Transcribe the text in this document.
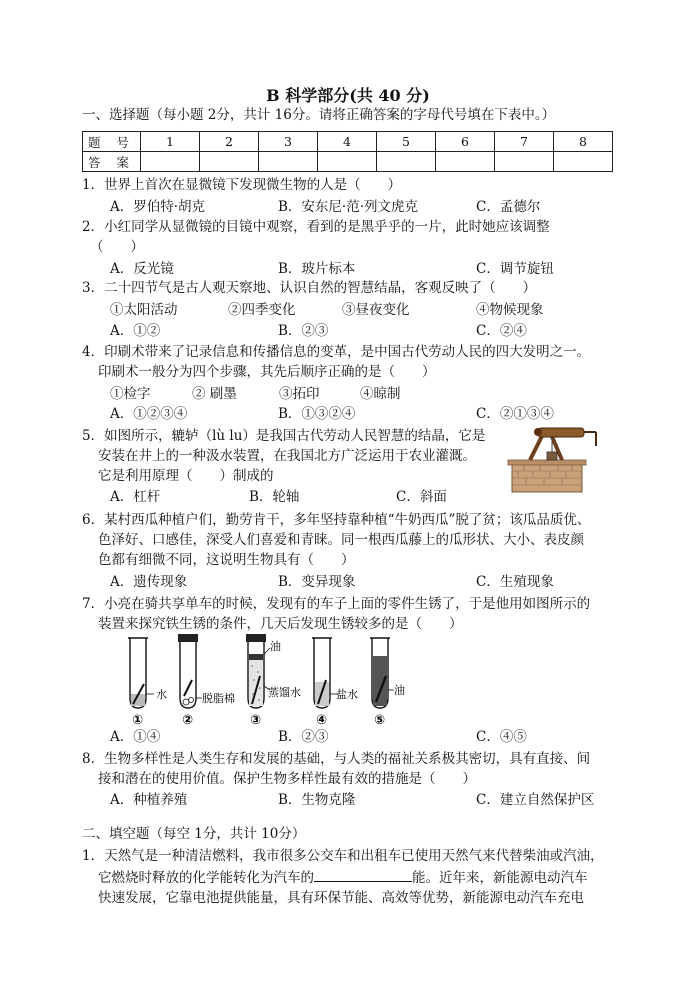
B 科学部分(共 40 分)
一、选择题（每小题 2分，共计 16分。请将正确答案的字母代号填在下表中。）
题 号	1	2	3	4	5	6	7	8
答 案								
1．世界上首次在显微镜下发现微生物的人是（　　）
A．罗伯特·胡克	B．安东尼·范·列文虎克	C．孟德尔
2．小红同学从显微镜的目镜中观察，看到的是黑乎乎的一片，此时她应该调整
（　　）
A．反光镜	B．玻片标本	C．调节旋钮
3．二十四节气是古人观天察地、认识自然的智慧结晶，客观反映了（　　）
①太阳活动	②四季变化	③昼夜变化	④物候现象
A．①②	B．②③	C．②④
4．印刷术带来了记录信息和传播信息的变革，是中国古代劳动人民的四大发明之一。
印刷术一般分为四个步骤，其先后顺序正确的是（　　）
①检字	② 刷墨	③拓印	④晾制
A．①②③④	B．①③②④	C．②①③④
5．如图所示，辘轳（lù lu）是我国古代劳动人民智慧的结晶，它是
安装在井上的一种汲水装置，在我国北方广泛运用于农业灌溉。
它是利用原理（　　）制成的
A．杠杆	B．轮轴	C．斜面
6．某村西瓜种植户们，勤劳肯干，多年坚持靠种植“牛奶西瓜”脱了贫；该瓜品质优、
色泽好、口感佳，深受人们喜爱和青睐。同一根西瓜藤上的瓜形状、大小、表皮颜
色都有细微不同，这说明生物具有（　　）
A．遗传现象	B．变异现象	C．生殖现象
7．小亮在骑共享单车的时候，发现有的车子上面的零件生锈了，于是他用如图所示的
装置来探究铁生锈的条件，几天后发现生锈较多的是（　　）
水	脱脂棉
油
蒸馏水	盐水	油
①	②	③	④	⑤
A．①④	B．②③	C．④⑤
8．生物多样性是人类生存和发展的基础，与人类的福祉关系极其密切，具有直接、间
接和潜在的使用价值。保护生物多样性最有效的措施是（　　）
A．种植养殖	B．生物克隆	C．建立自然保护区
二、填空题（每空 1分，共计 10分）
1．天然气是一种清洁燃料，我市很多公交车和出租车已使用天然气来代替柴油或汽油，
它燃烧时释放的化学能转化为汽车的	能。近年来，新能源电动汽车
快速发展，它靠电池提供能量，具有环保节能、高效等优势，新能源电动汽车充电
